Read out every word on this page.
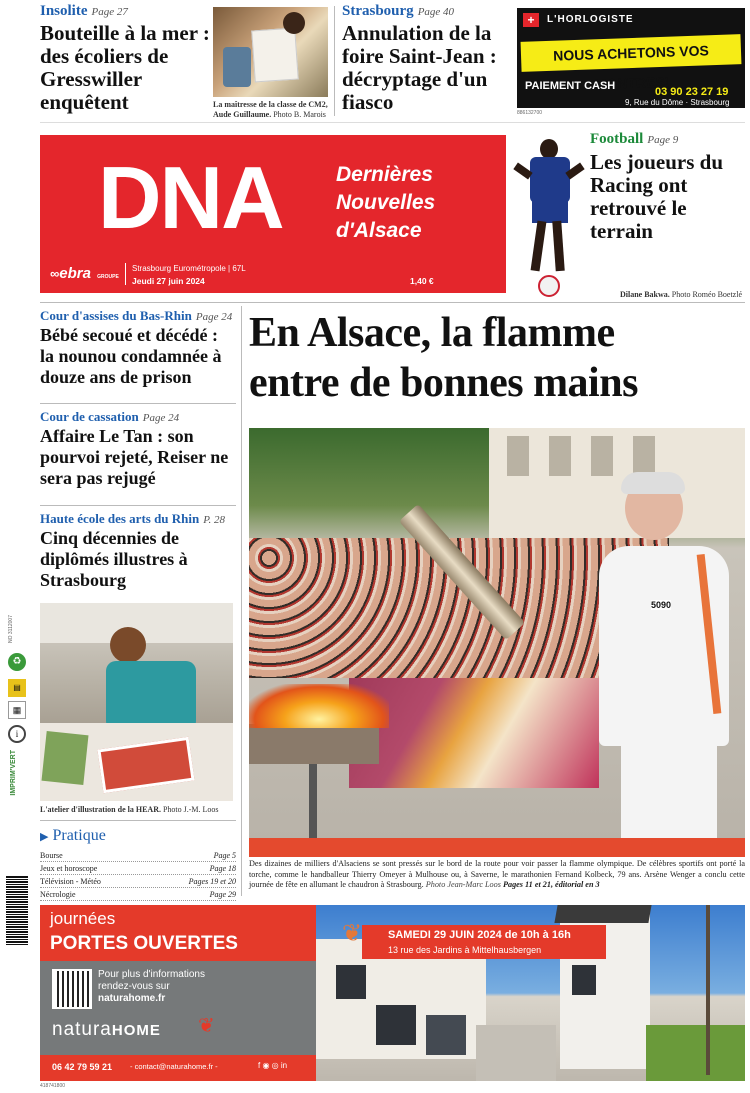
Insolite Page 27
Bouteille à la mer : des écoliers de Gresswiller enquêtent	La maîtresse de la classe de CM2, Aude Guillaume. Photo B. Marois
Strasbourg Page 40
Annulation de la foire Saint-Jean : décryptage d'un fiasco
+	L'HORLOGISTE
NOUS ACHETONS VOS MONTRES!
PAIEMENT CASH	03 90 23 27 19
9, Rue du Dôme · Strasbourg
886132700
DNA	Dernières
Nouvelles
d'Alsace
∞ebra GROUPE
Strasbourg Eurométropole | 67L
Jeudi 27 juin 2024	1,40 €
Football Page 9
Les joueurs du Racing ont retrouvé le terrain
Dilane Bakwa. Photo Roméo Boetzlé
Cour d'assises du Bas-Rhin Page 24
Bébé secoué et décédé : la nounou condamnée à douze ans de prison
Cour de cassation Page 24
Affaire Le Tan : son pourvoi rejeté, Reiser ne sera pas rejugé
Haute école des arts du Rhin P. 28
Cinq décennies de diplômés illustres à Strasbourg
L'atelier d'illustration de la HEAR. Photo J.-M. Loos
▶ Pratique
Bourse	Page 5
Jeux et horoscope	Page 18
Télévision - Météo	Pages 19 et 20
Nécrologie	Page 29
NO 3112007
♻
▤
▦
i
IMPRIM'VERT
En Alsace, la flamme
entre de bonnes mains
5090
Des dizaines de milliers d'Alsaciens se sont pressés sur le bord de la route pour voir passer la flamme olympique. De célèbres sportifs ont porté la torche, comme le handballeur Thierry Omeyer à Mulhouse ou, à Saverne, le marathonien Fernand Kolbeck, 79 ans. Arsène Wenger a conclu cette journée de fête en allumant le chaudron à Strasbourg. Photo Jean-Marc Loos Pages 11 et 21, éditorial en 3
journées
PORTES OUVERTES
Pour plus d'informations
rendez-vous sur
naturahome.fr
naturaHOME ❦
06 42 79 59 21 - contact@naturahome.fr -	f ◉ ◎ in
❦ SAMEDI 29 JUIN 2024 de 10h à 16h
13 rue des Jardins à Mittelhausbergen
418741800
